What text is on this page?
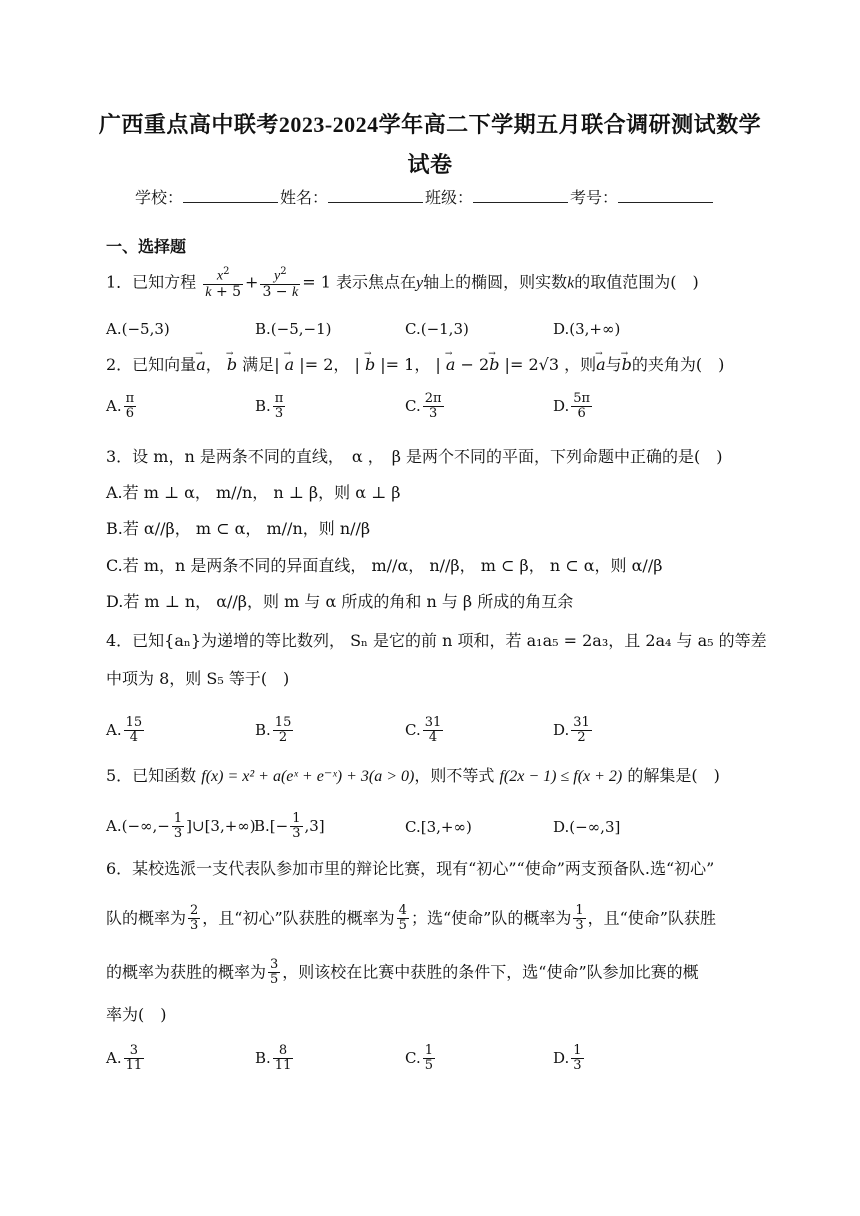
广西重点高中联考2023-2024学年高二下学期五月联合调研测试数学
试卷
学校：	姓名：	班级：	考号：
一、选择题
1．已知方程 $\frac{x^2}{k + 5} + \frac{y^2}{3 - k} = 1$ 表示焦点在y轴上的椭圆，则实数k的取值范围为(　)
A.(−5,3)	B.(−5,−1)	C.(−1,3)	D.(3,+∞)
2．已知向量→ a， → b 满足| → a |= 2， | → b |= 1， | → a − 2→ b |= 2√3 ，则→ a与→ b的夹角为(　)
A. $\frac{\pi}{6}$	B. $\frac{\pi}{3}$	C. $\frac{2\pi}{3}$	D. $\frac{5\pi}{6}$
3．设 m，n 是两条不同的直线，　α ，　β 是两个不同的平面，下列命题中正确的是(　)
A.若 m ⊥ α， m//n， n ⊥ β，则 α ⊥ β
B.若 α//β， m ⊂ α， m//n，则 n//β
C.若 m，n 是两条不同的异面直线， m//α， n//β， m ⊂ β， n ⊂ α，则 α//β
D.若 m ⊥ n， α//β，则 m 与 α 所成的角和 n 与 β 所成的角互余
4．已知{aₙ}为递增的等比数列， Sₙ 是它的前 n 项和，若 a₁a₅ = 2a₃，且 2a₄ 与 a₅ 的等差
中项为 8，则 S₅ 等于(　)
A. $\frac{15}{4}$	B. $\frac{15}{2}$	C. $\frac{31}{4}$	D. $\frac{31}{2}$
5．已知函数 f(x) = x² + a(eˣ + e⁻ˣ) + 3(a > 0)，则不等式 f(2x − 1) ≤ f(x + 2) 的解集是(　)
$A.(-\infty,- \frac{1}{3}$ ]∪[3,+∞)
$B.[- \frac{1}{3} ,3]$	C.[3,+∞)	D.(−∞,3]
6．某校选派一支代表队参加市里的辩论比赛，现有“初心”“使命”两支预备队.选“初心”
队的概率为 $\frac{2}{3}$ ，且“初心”队获胜的概率为 $\frac{4}{5}$ ；选“使命”队的概率为 $\frac{1}{3}$ ，且“使命”队获胜
的概率为获胜的概率为 $\frac{3}{5}$ ，则该校在比赛中获胜的条件下，选“使命”队参加比赛的概
率为(　)
A. $\frac{3}{11}$	B. $\frac{8}{11}$	C. $\frac{1}{5}$	D. $\frac{1}{3}$
